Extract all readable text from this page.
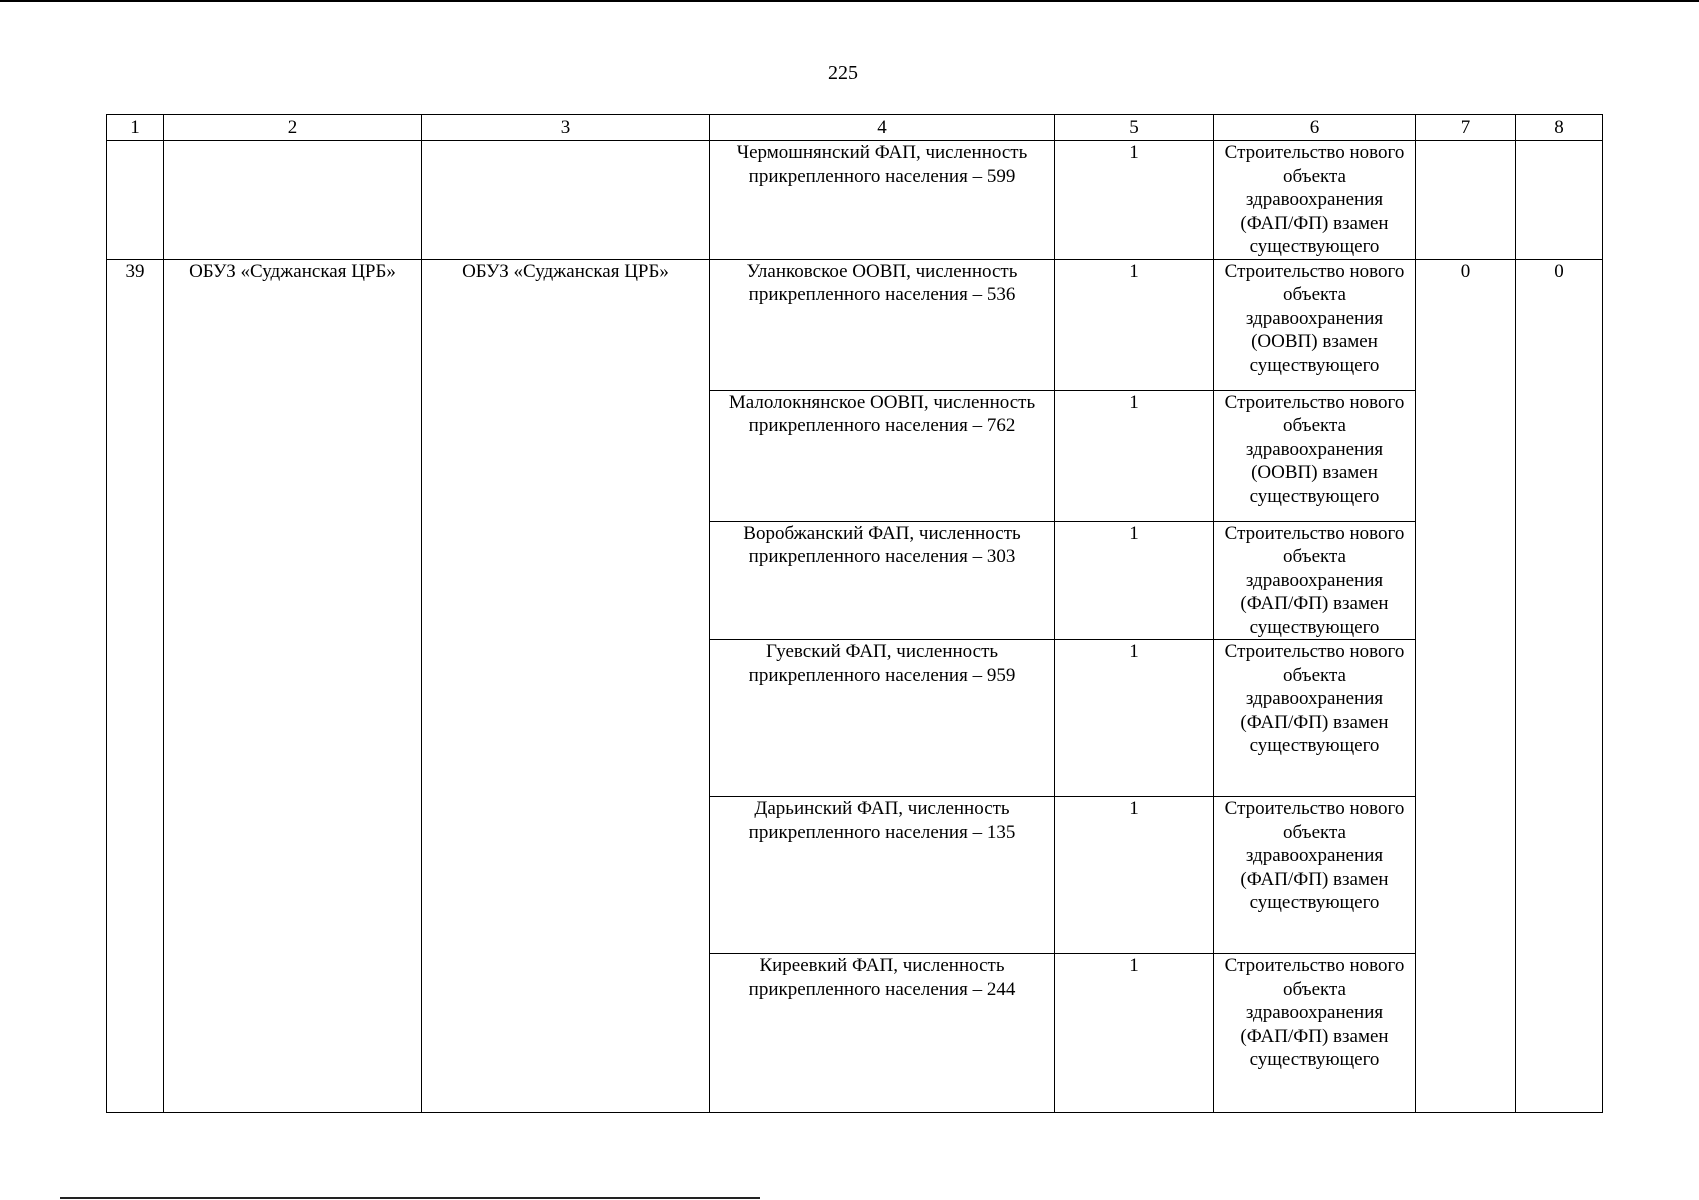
225
1	2	3	4	5	6	7	8
			Чермошнянский ФАП, численность прикрепленного населения – 599	1	Строительство нового объекта здравоохранения (ФАП/ФП) взамен существующего		
39	ОБУЗ «Суджанская ЦРБ»	ОБУЗ «Суджанская ЦРБ»	Уланковское ООВП, численность прикрепленного населения – 536	1	Строительство нового объекта здравоохранения (ООВП) взамен существующего	0	0
			Малолокнянское ООВП, численность прикрепленного населения – 762	1	Строительство нового объекта здравоохранения (ООВП) взамен существующего		
			Воробжанский ФАП, численность прикрепленного населения – 303	1	Строительство нового объекта здравоохранения (ФАП/ФП) взамен существующего		
			Гуевский ФАП, численность прикрепленного населения – 959	1	Строительство нового объекта здравоохранения (ФАП/ФП) взамен существующего		
			Дарьинский ФАП, численность прикрепленного населения – 135	1	Строительство нового объекта здравоохранения (ФАП/ФП) взамен существующего		
			Киреевкий ФАП, численность прикрепленного населения – 244	1	Строительство нового объекта здравоохранения (ФАП/ФП) взамен существующего		
